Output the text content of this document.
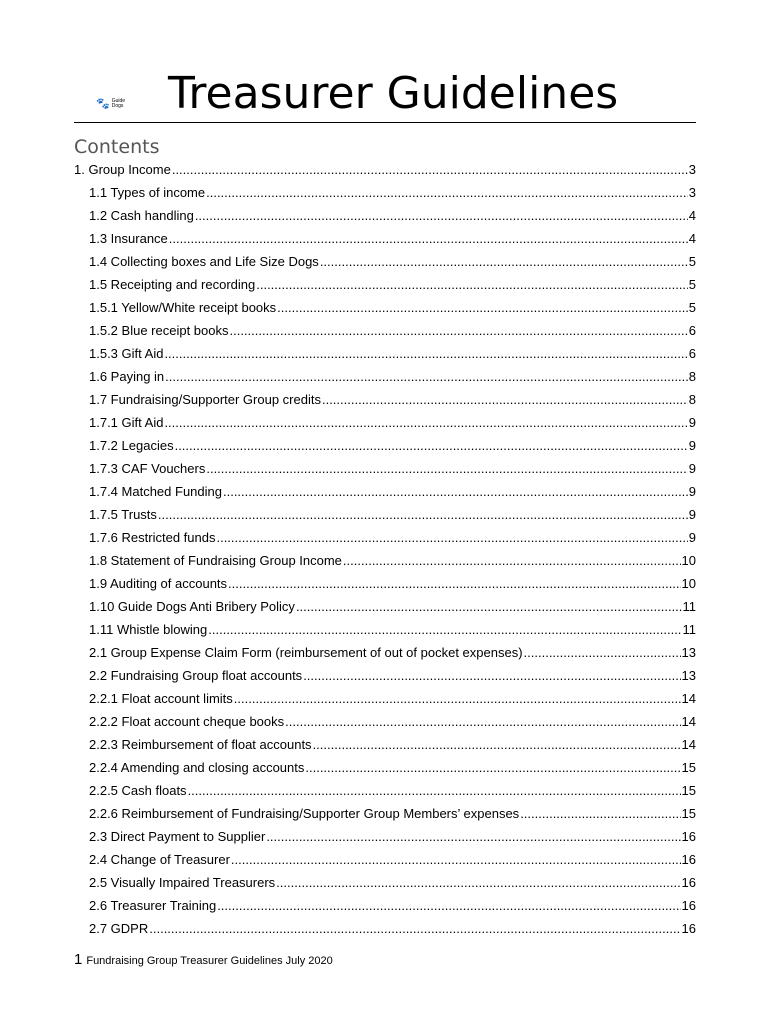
🐾 Guide
Dogs Treasurer Guidelines
Contents
1. Group Income .....	3
1.1 Types of income .....	3
1.2 Cash handling .....	4
1.3 Insurance .....	4
1.4 Collecting boxes and Life Size Dogs .....	5
1.5 Receipting and recording .....	5
1.5.1 Yellow/White receipt books .....	5
1.5.2 Blue receipt books .....	6
1.5.3 Gift Aid .....	6
1.6 Paying in .....	8
1.7 Fundraising/Supporter Group credits .....	8
1.7.1 Gift Aid .....	9
1.7.2 Legacies .....	9
1.7.3 CAF Vouchers .....	9
1.7.4 Matched Funding .....	9
1.7.5 Trusts .....	9
1.7.6 Restricted funds .....	9
1.8 Statement of Fundraising Group Income .....	10
1.9 Auditing of accounts .....	10
1.10 Guide Dogs Anti Bribery Policy .....	11
1.11 Whistle blowing .....	11
2.1 Group Expense Claim Form (reimbursement of out of pocket expenses) .....	13
2.2 Fundraising Group float accounts .....	13
2.2.1 Float account limits .....	14
2.2.2 Float account cheque books .....	14
2.2.3 Reimbursement of float accounts .....	14
2.2.4 Amending and closing accounts .....	15
2.2.5 Cash floats .....	15
2.2.6 Reimbursement of Fundraising/Supporter Group Members’ expenses .....	15
2.3 Direct Payment to Supplier .....	16
2.4 Change of Treasurer .....	16
2.5 Visually Impaired Treasurers .....	16
2.6 Treasurer Training .....	16
2.7 GDPR .....	16
1 Fundraising Group Treasurer Guidelines July 2020
